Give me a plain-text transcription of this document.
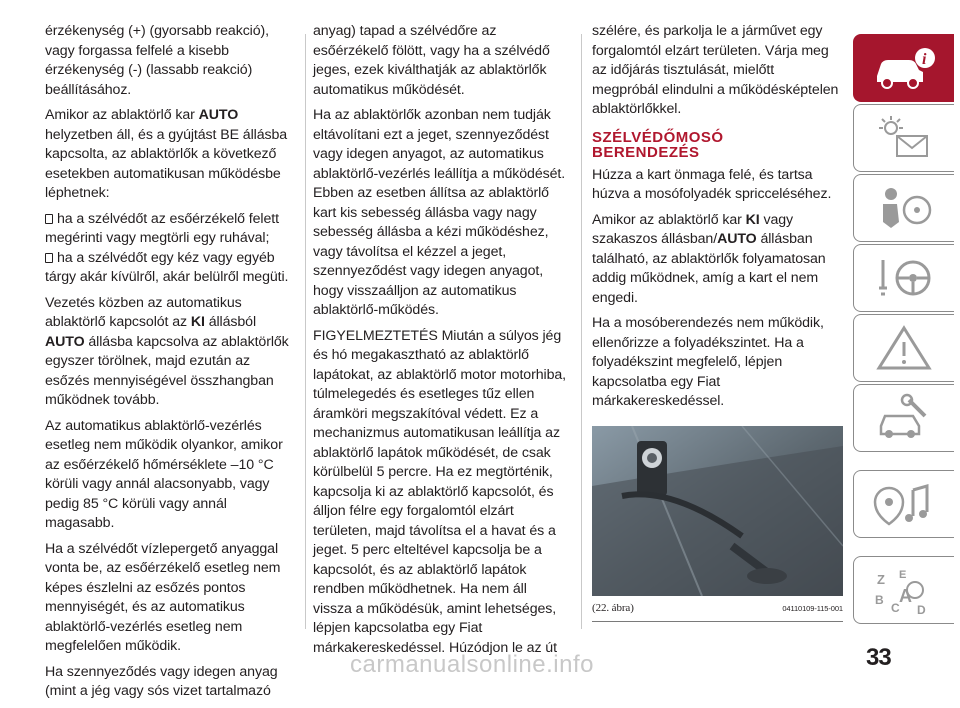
érzékenység (+) (gyorsabb reakció), vagy forgassa felfelé a kisebb érzékenység (-) (lassabb reakció) beállításához.

Amikor az ablaktörlő kar AUTO helyzetben áll, és a gyújtást BE állásba kapcsolta, az ablaktörlők a következő esetekben automatikusan működésbe léphetnek:

ha a szélvédőt az esőérzékelő felett megérinti vagy megtörli egy ruhával;

ha a szélvédőt egy kéz vagy egyéb tárgy akár kívülről, akár belülről megüti.

Vezetés közben az automatikus ablaktörlő kapcsolót az KI állásból AUTO állásba kapcsolva az ablaktörlők egyszer törölnek, majd ezután az esőzés mennyiségével összhangban működnek tovább.

Az automatikus ablaktörlő-vezérlés esetleg nem működik olyankor, amikor az esőérzékelő hőmérséklete –10 °C körüli vagy annál alacsonyabb, vagy pedig 85 °C körüli vagy annál magasabb.

Ha a szélvédőt vízlepergető anyaggal vonta be, az esőérzékelő esetleg nem képes észlelni az esőzés pontos mennyiségét, és az automatikus ablaktörlő-vezérlés esetleg nem megfelelően működik.

Ha szennyeződés vagy idegen anyag (mint a jég vagy sós vizet tartalmazó

anyag) tapad a szélvédőre az esőérzékelő fölött, vagy ha a szélvédő jeges, ezek kiválthatják az ablaktörlők automatikus működését.

Ha az ablaktörlők azonban nem tudják eltávolítani ezt a jeget, szennyeződést vagy idegen anyagot, az automatikus ablaktörlő-vezérlés leállítja a működését. Ebben az esetben állítsa az ablaktörlő kart kis sebesség állásba vagy nagy sebesség állásba a kézi működéshez, vagy távolítsa el kézzel a jeget, szennyeződést vagy idegen anyagot, hogy visszaálljon az automatikus ablaktörlő-működés.

FIGYELMEZTETÉS Miután a súlyos jég és hó megakasztható az ablaktörlő lapátokat, az ablaktörlő motor motorhiba, túlmelegedés és esetleges tűz ellen áramköri megszakítóval védett. Ez a mechanizmus automatikusan leállítja az ablaktörlő lapátok működését, de csak körülbelül 5 percre. Ha ez megtörténik, kapcsolja ki az ablaktörlő kapcsolót, és álljon félre egy forgalomtól elzárt területen, majd távolítsa el a havat és a jeget. 5 perc elteltével kapcsolja be a kapcsolót, és az ablaktörlő lapátok rendben működhetnek. Ha nem áll vissza a működésük, amint lehetséges, lépjen kapcsolatba egy Fiat márkakereskedéssel. Húzódjon le az út

szélére, és parkolja le a járművet egy forgalomtól elzárt területen. Várja meg az időjárás tisztulását, mielőtt megpróbál elindulni a működésképtelen ablaktörlőkkel.

SZÉLVÉDŐMOSÓ
BERENDEZÉS

Húzza a kart önmaga felé, és tartsa húzva a mosófolyadék spricceléséhez.

Amikor az ablaktörlő kar KI vagy szakaszos állásban/AUTO állásban található, az ablaktörlők folyamatosan addig működnek, amíg a kart el nem engedi.

Ha a mosóberendezés nem működik, ellenőrizze a folyadékszintet. Ha a folyadékszint megfelelő, lépjen kapcsolatba egy Fiat márkakereskedéssel.

(22. ábra)	04110109-115-001
i
Z E
B
C
A
D
33
carmanualsonline.info
